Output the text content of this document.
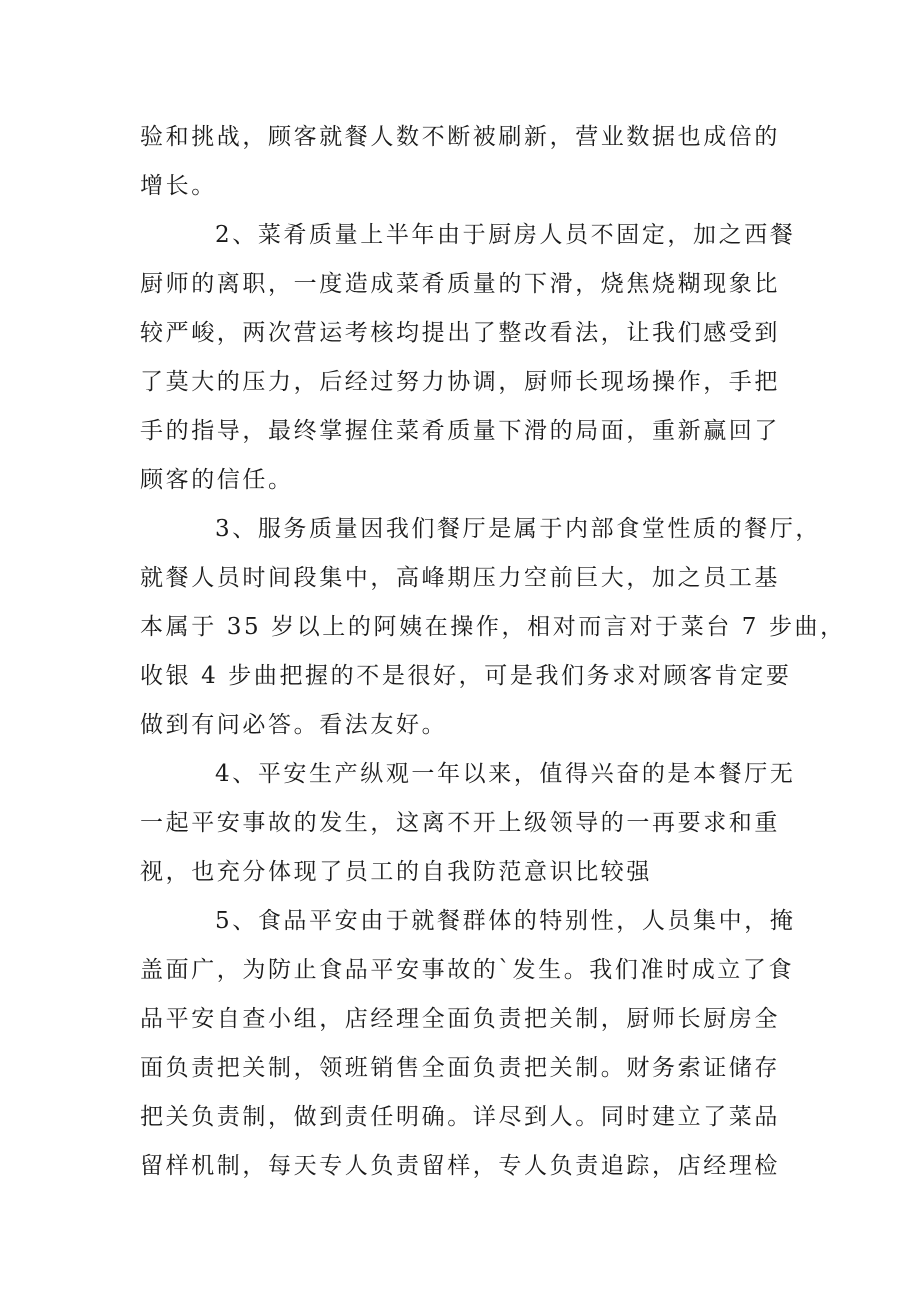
验和挑战，顾客就餐人数不断被刷新，营业数据也成倍的

增长。

2、菜肴质量上半年由于厨房人员不固定，加之西餐

厨师的离职，一度造成菜肴质量的下滑，烧焦烧糊现象比

较严峻，两次营运考核均提出了整改看法，让我们感受到

了莫大的压力，后经过努力协调，厨师长现场操作，手把

手的指导，最终掌握住菜肴质量下滑的局面，重新赢回了

顾客的信任。

3、服务质量因我们餐厅是属于内部食堂性质的餐厅，

就餐人员时间段集中，高峰期压力空前巨大，加之员工基

本属于 35 岁以上的阿姨在操作，相对而言对于菜台 7 步曲，

收银 4 步曲把握的不是很好，可是我们务求对顾客肯定要

做到有问必答。看法友好。

4、平安生产纵观一年以来，值得兴奋的是本餐厅无

一起平安事故的发生，这离不开上级领导的一再要求和重

视，也充分体现了员工的自我防范意识比较强

5、食品平安由于就餐群体的特别性，人员集中，掩

盖面广，为防止食品平安事故的`发生。我们准时成立了食

品平安自查小组，店经理全面负责把关制，厨师长厨房全

面负责把关制，领班销售全面负责把关制。财务索证储存

把关负责制，做到责任明确。详尽到人。同时建立了菜品

留样机制，每天专人负责留样，专人负责追踪，店经理检
